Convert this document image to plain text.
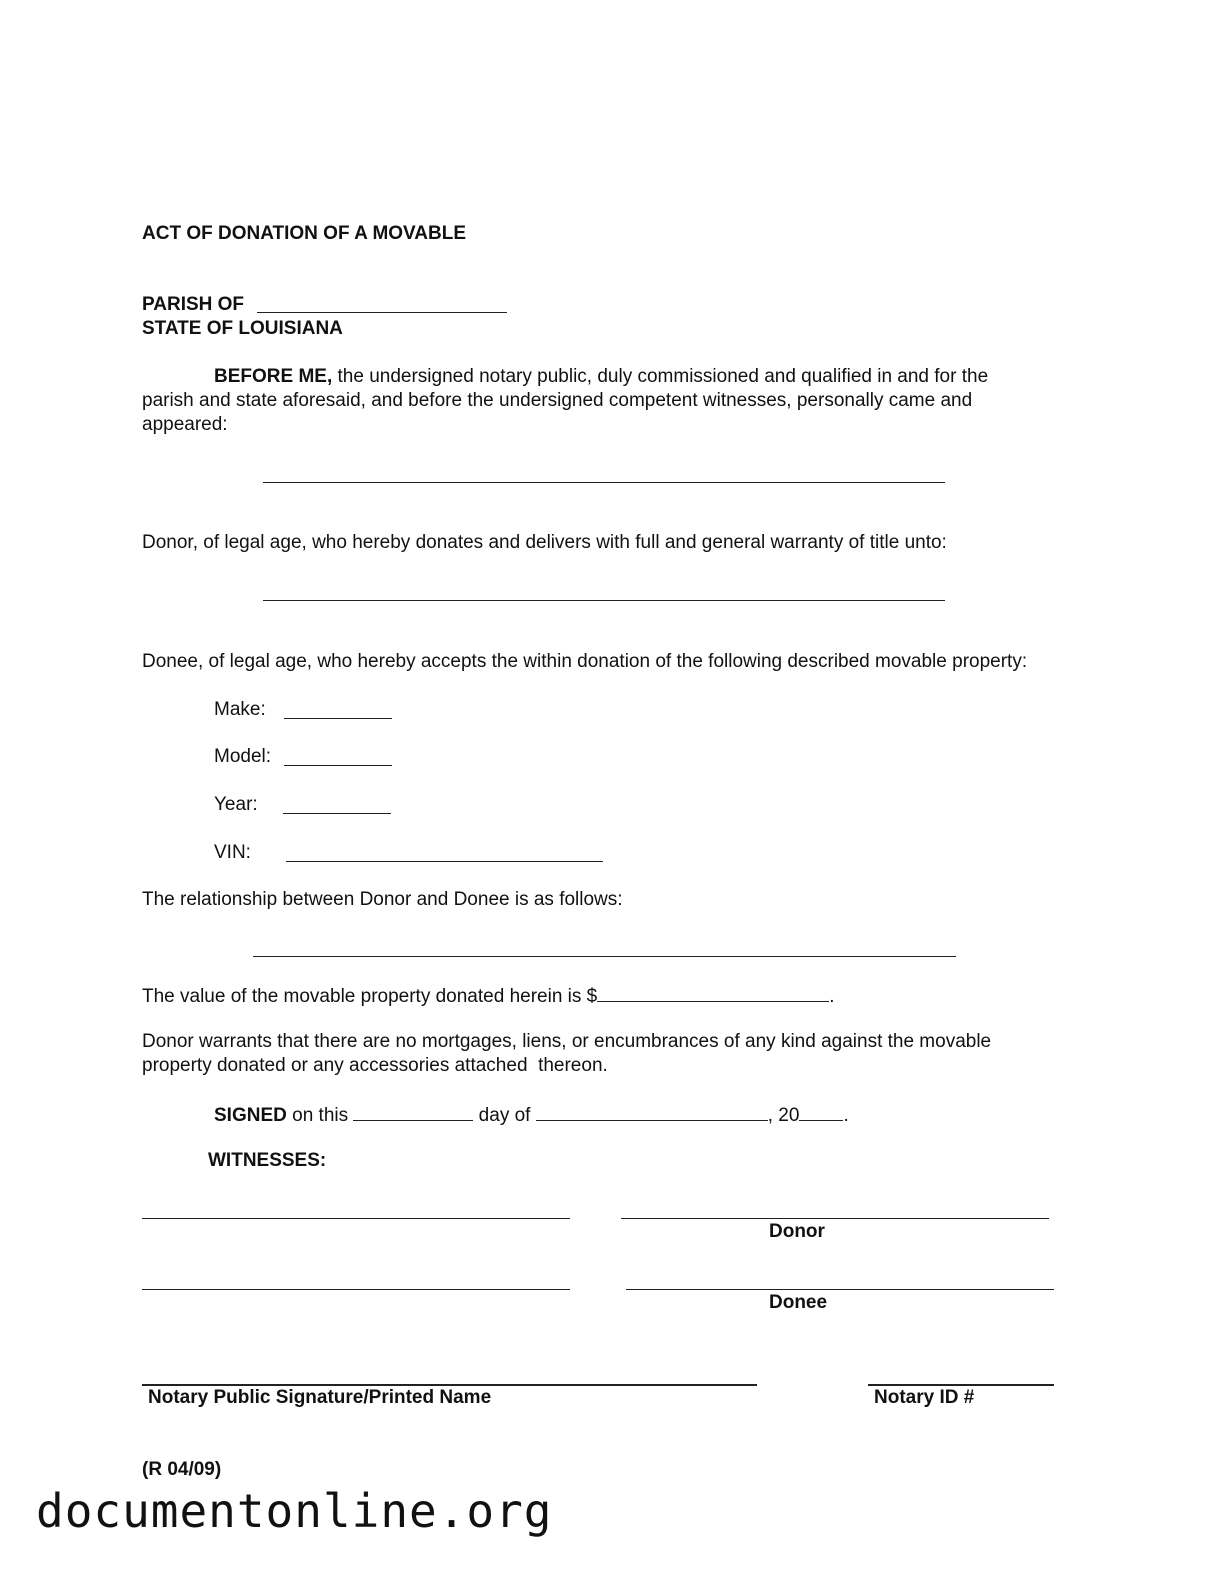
ACT OF DONATION OF A MOVABLE
PARISH OF
STATE OF LOUISIANA
BEFORE ME, the undersigned notary public, duly commissioned and qualified in and for the
parish and state aforesaid, and before the undersigned competent witnesses, personally came and
appeared:
Donor, of legal age, who hereby donates and delivers with full and general warranty of title unto:
Donee, of legal age, who hereby accepts the within donation of the following described movable property:
Make:
Model:
Year:
VIN:
The relationship between Donor and Donee is as follows:
The value of the movable property donated herein is $	.
Donor warrants that there are no mortgages, liens, or encumbrances of any kind against the movable
property donated or any accessories attached  thereon.
SIGNED on this	day of	, 20 .
WITNESSES:
Donor
Donee
Notary Public Signature/Printed Name	Notary ID #
(R 04/09)
documentonline.org
